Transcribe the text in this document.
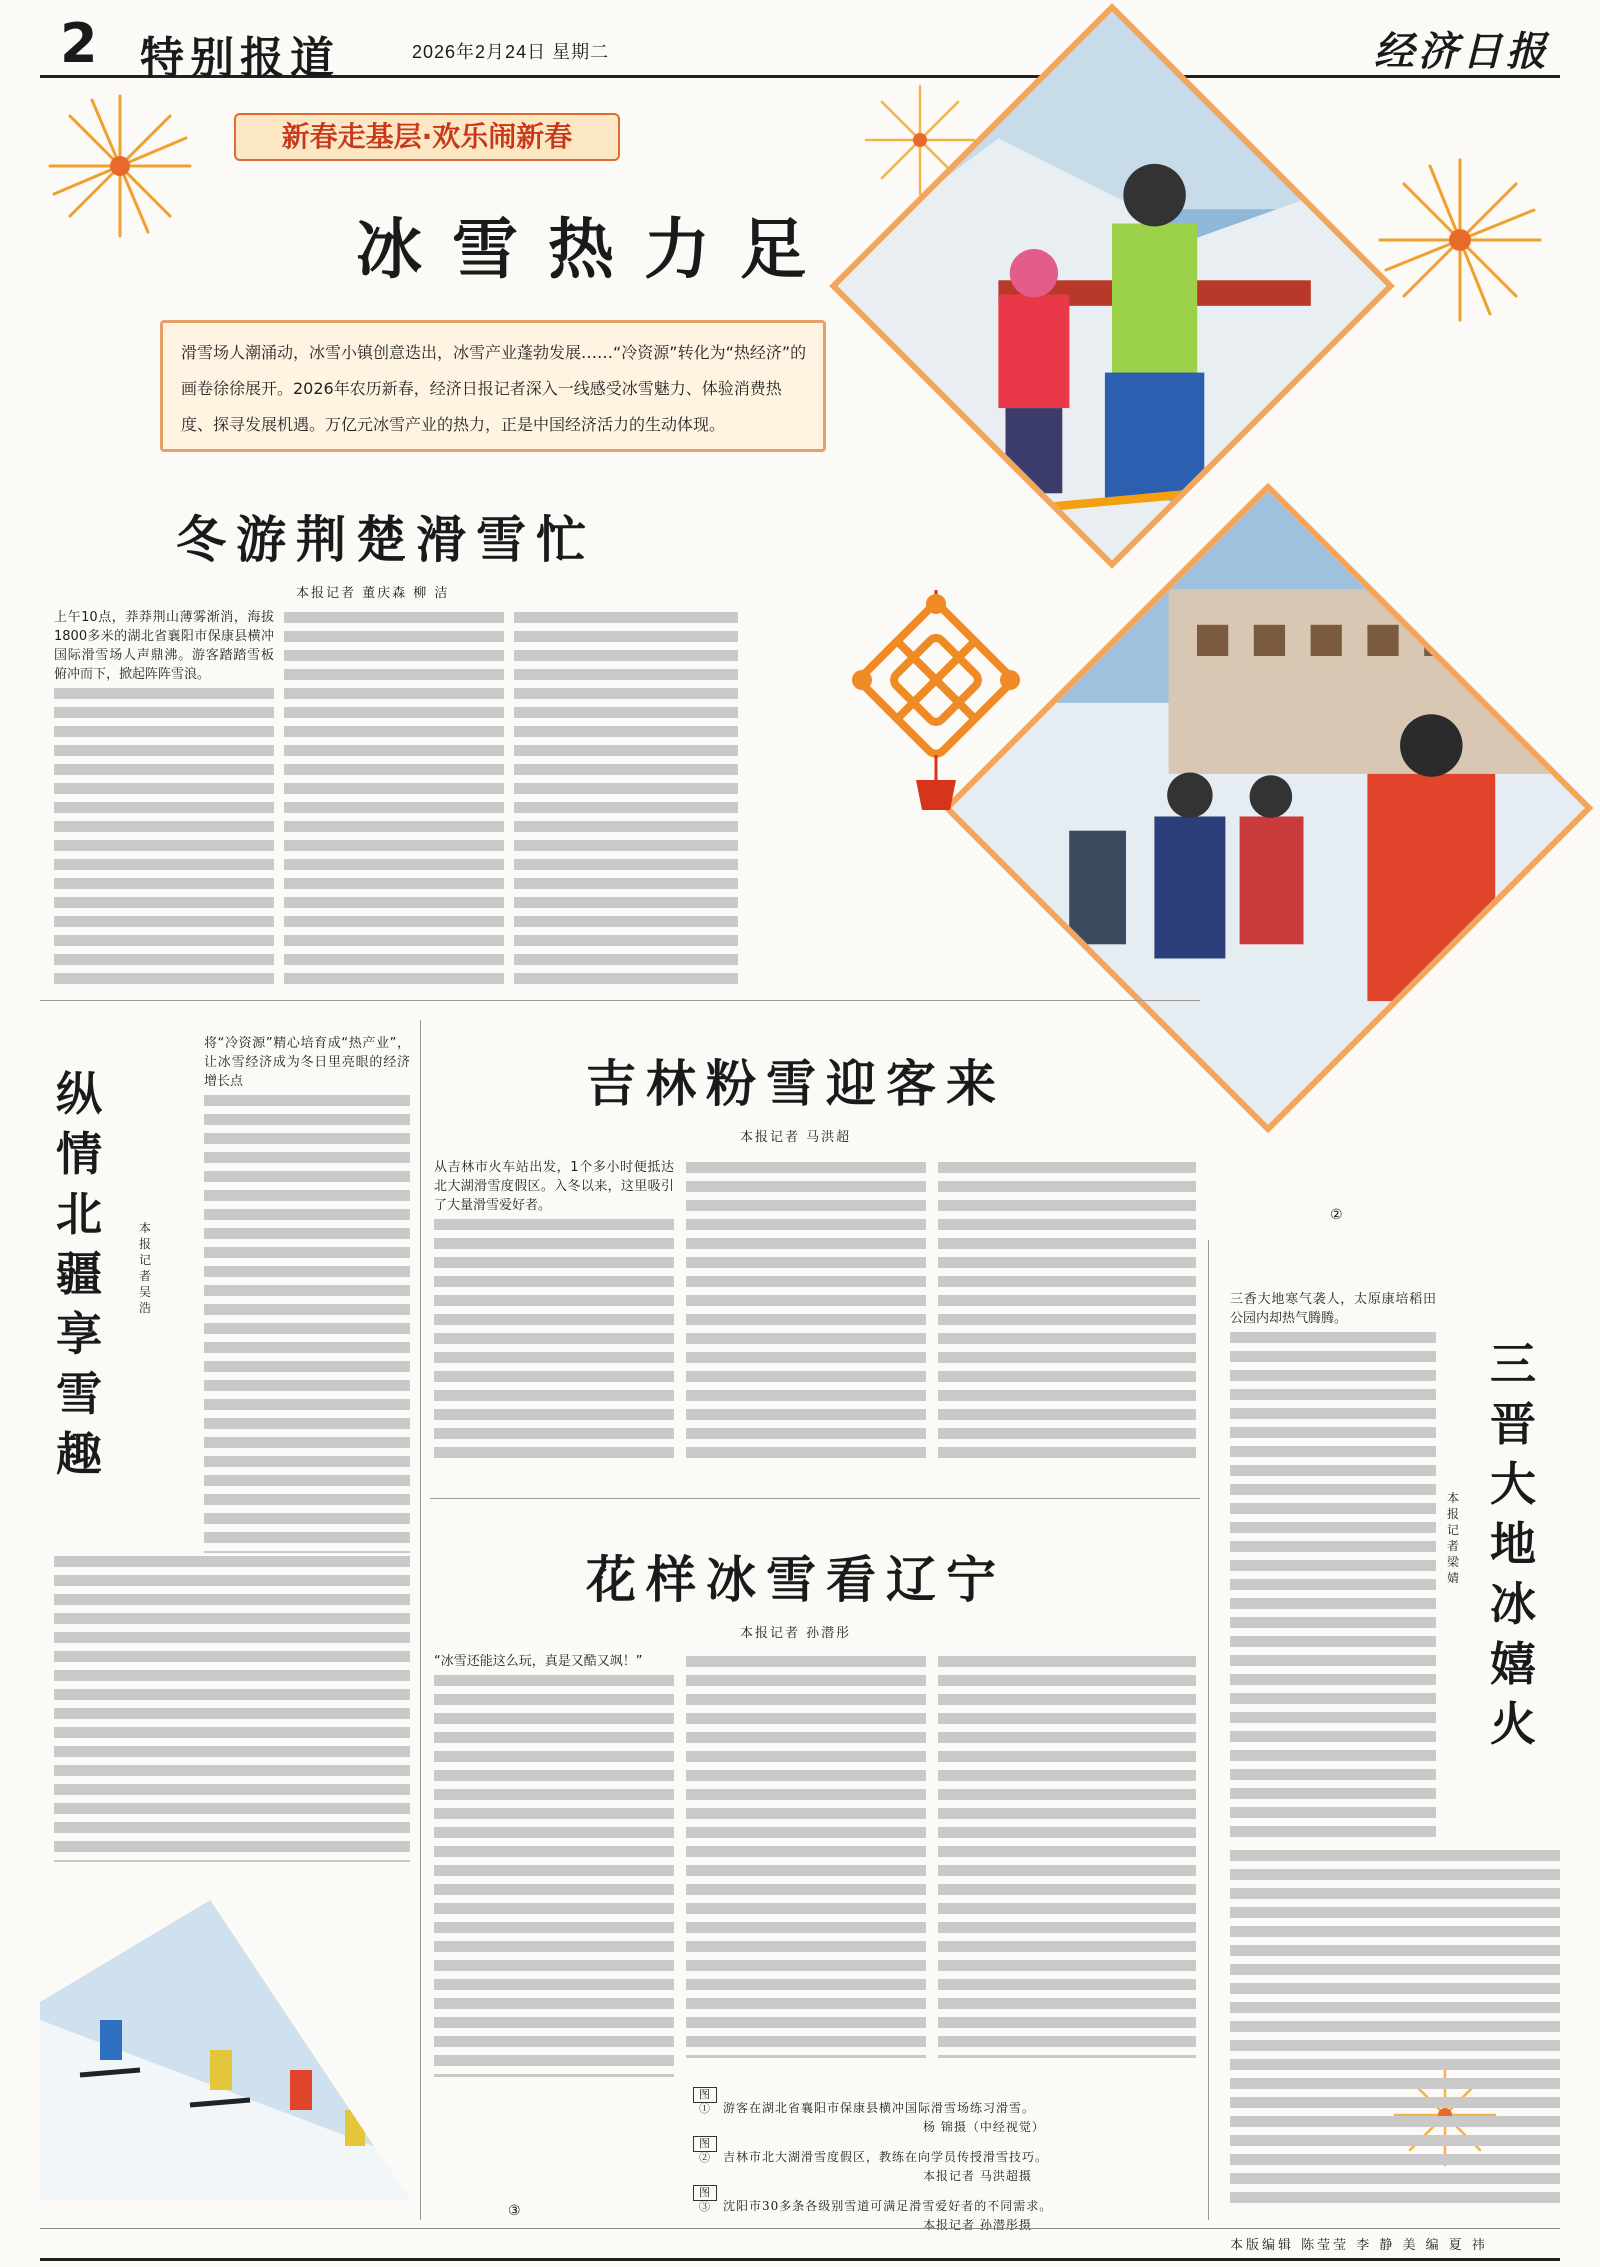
2 特别报道	2026年2月24日 星期二	经济日报
新春走基层·欢乐闹新春
冰雪热力足
滑雪场人潮涌动，冰雪小镇创意迭出，冰雪产业蓬勃发展……“冷资源”转化为“热经济”的画卷徐徐展开。2026年农历新春，经济日报记者深入一线感受冰雪魅力、体验消费热度、探寻发展机遇。万亿元冰雪产业的热力，正是中国经济活力的生动体现。
②
冬游荆楚滑雪忙
本报记者 董庆森 柳 洁
上午10点，莽莽荆山薄雾渐消，海拔1800多米的湖北省襄阳市保康县横冲国际滑雪场人声鼎沸。游客踏踏雪板俯冲而下，掀起阵阵雪浪。
纵情北疆享雪趣
本报记者 吴 浩
将“冷资源”精心培育成“热产业”，让冰雪经济成为冬日里亮眼的经济增长点
③
吉林粉雪迎客来
本报记者 马洪超
从吉林市火车站出发，1个多小时便抵达北大湖滑雪度假区。入冬以来，这里吸引了大量滑雪爱好者。
花样冰雪看辽宁
本报记者 孙潜彤
“冰雪还能这么玩，真是又酷又飒！”
图① 游客在湖北省襄阳市保康县横冲国际滑雪场练习滑雪。
杨 锦摄（中经视觉）
图② 吉林市北大湖滑雪度假区，教练在向学员传授滑雪技巧。
本报记者 马洪超摄
图③ 沈阳市30多条各级别雪道可满足滑雪爱好者的不同需求。
本报记者 孙潜彤摄
三晋大地冰嬉火
本报记者 梁 婧
三香大地寒气袭人，太原康培稻田公园内却热气腾腾。
本版编辑 陈莹莹 李 静 美 编 夏 祎
